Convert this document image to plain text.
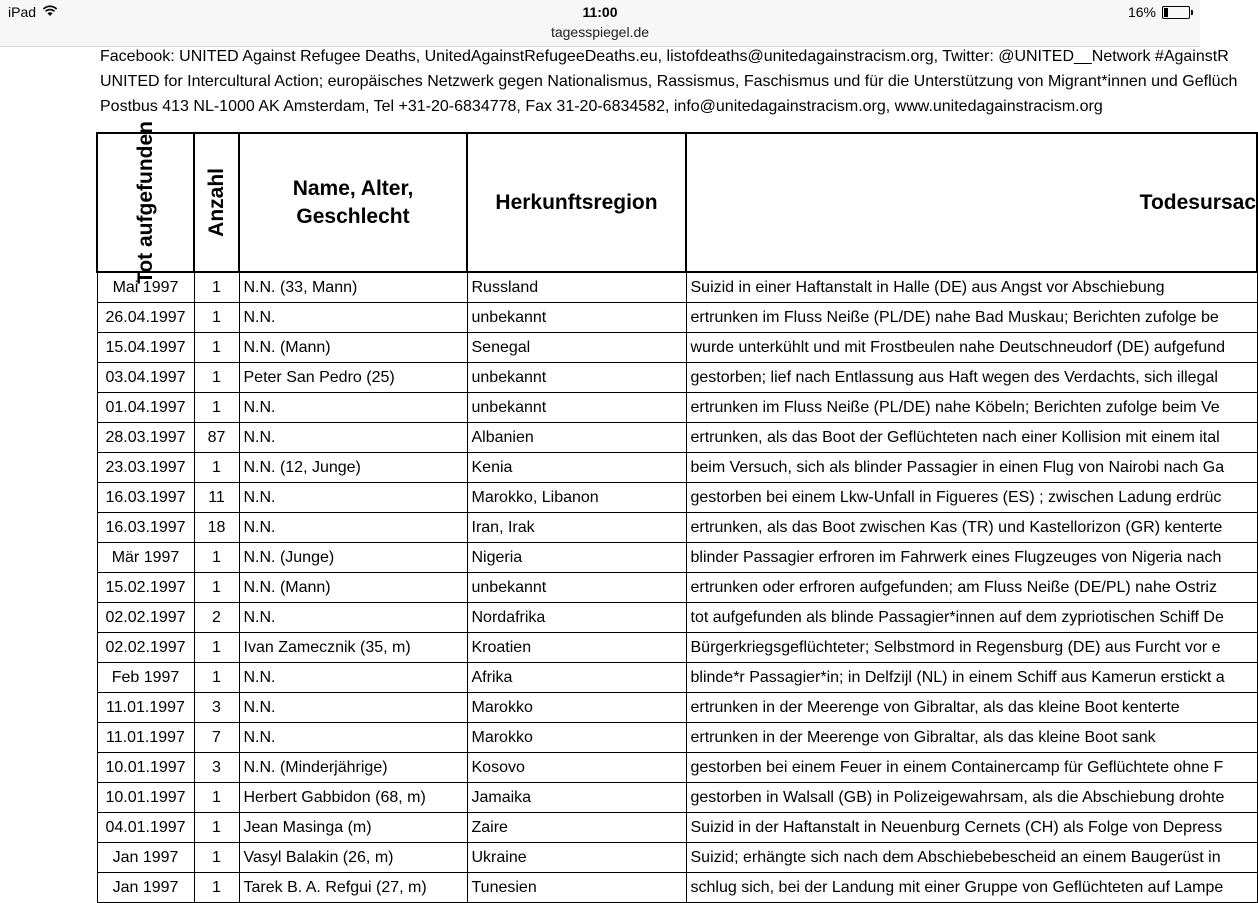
iPad	11:00
tagesspiegel.de
16%
Facebook: UNITED Against Refugee Deaths, UnitedAgainstRefugeeDeaths.eu, listofdeaths@unitedagainstracism.org, Twitter: @UNITED__Network #AgainstR
UNITED for Intercultural Action; europäisches Netzwerk gegen Nationalismus, Rassismus, Faschismus und für die Unterstützung von Migrant*innen und Geflüch
Postbus 413 NL-1000 AK Amsterdam, Tel +31-20-6834778, Fax 31-20-6834582, info@unitedagainstracism.org, www.unitedagainstracism.org
Tot aufgefunden	Anzahl	Name, Alter, Geschlecht	Herkunftsregion	Todesursac
Mai 1997	1	N.N. (33, Mann)	Russland	Suizid in einer Haftanstalt in Halle (DE) aus Angst vor Abschiebung
26.04.1997	1	N.N.	unbekannt	ertrunken im Fluss Neiße (PL/DE) nahe Bad Muskau; Berichten zufolge be
15.04.1997	1	N.N. (Mann)	Senegal	wurde unterkühlt und mit Frostbeulen nahe Deutschneudorf (DE) aufgefund
03.04.1997	1	Peter San Pedro (25)	unbekannt	gestorben; lief nach Entlassung aus Haft wegen des Verdachts, sich illegal
01.04.1997	1	N.N.	unbekannt	ertrunken im Fluss Neiße (PL/DE) nahe Köbeln; Berichten zufolge beim Ve
28.03.1997	87	N.N.	Albanien	ertrunken, als das Boot der Geflüchteten nach einer Kollision mit einem ital
23.03.1997	1	N.N. (12, Junge)	Kenia	beim Versuch, sich als blinder Passagier in einen Flug von Nairobi nach Ga
16.03.1997	11	N.N.	Marokko, Libanon	gestorben bei einem Lkw-Unfall in Figueres (ES) ; zwischen Ladung erdrüc
16.03.1997	18	N.N.	Iran, Irak	ertrunken, als das Boot zwischen Kas (TR) und Kastellorizon (GR) kenterte
Mär 1997	1	N.N. (Junge)	Nigeria	blinder Passagier erfroren im Fahrwerk eines Flugzeuges von Nigeria nach
15.02.1997	1	N.N. (Mann)	unbekannt	ertrunken oder erfroren aufgefunden; am Fluss Neiße (DE/PL) nahe Ostriz
02.02.1997	2	N.N.	Nordafrika	tot aufgefunden als blinde Passagier*innen auf dem zypriotischen Schiff De
02.02.1997	1	Ivan Zamecznik (35, m)	Kroatien	Bürgerkriegsgeflüchteter; Selbstmord in Regensburg (DE) aus Furcht vor e
Feb 1997	1	N.N.	Afrika	blinde*r Passagier*in; in Delfzijl (NL) in einem Schiff aus Kamerun erstickt a
11.01.1997	3	N.N.	Marokko	ertrunken in der Meerenge von Gibraltar, als das kleine Boot kenterte
11.01.1997	7	N.N.	Marokko	ertrunken in der Meerenge von Gibraltar, als das kleine Boot sank
10.01.1997	3	N.N. (Minderjährige)	Kosovo	gestorben bei einem Feuer in einem Containercamp für Geflüchtete ohne F
10.01.1997	1	Herbert Gabbidon (68, m)	Jamaika	gestorben in Walsall (GB) in Polizeigewahrsam, als die Abschiebung drohte
04.01.1997	1	Jean Masinga (m)	Zaire	Suizid in der Haftanstalt in Neuenburg Cernets (CH) als Folge von Depress
Jan 1997	1	Vasyl Balakin (26, m)	Ukraine	Suizid; erhängte sich nach dem Abschiebebescheid an einem Baugerüst in
Jan 1997	1	Tarek B. A. Refgui (27, m)	Tunesien	schlug sich, bei der Landung mit einer Gruppe von Geflüchteten auf Lampe
